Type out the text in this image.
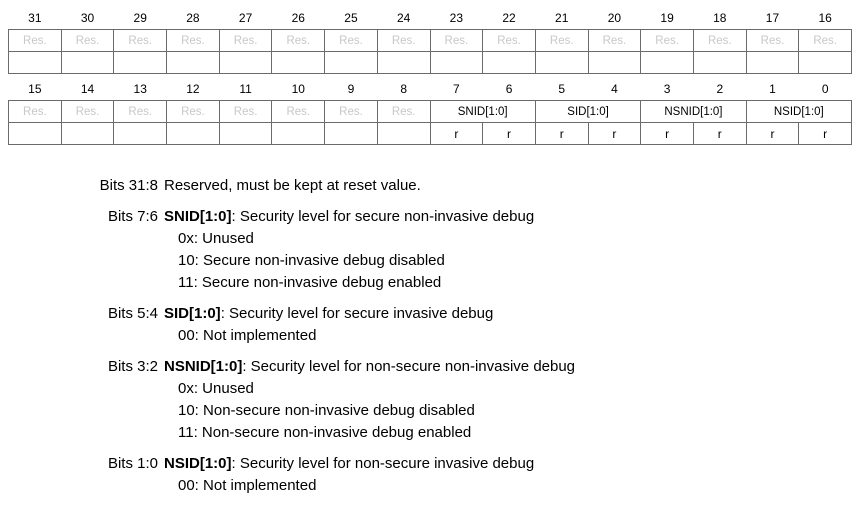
31	30	29	28	27	26	25	24	23	22	21	20	19	18	17	16
Res.	Res.	Res.	Res.	Res.	Res.	Res.	Res.	Res.	Res.	Res.	Res.	Res.	Res.	Res.	Res.

15	14	13	12	11	10	9	8	7	6	5	4	3	2	1	0
Res.	Res.	Res.	Res.	Res.	Res.	Res.	Res.	SNID[1:0]		SID[1:0]		NSNID[1:0]		NSID[1:0]	
								r	r	r	r	r	r	r	r
Bits 31:8 Reserved, must be kept at reset value.
Bits 7:6 SNID[1:0]: Security level for secure non-invasive debug
0x: Unused
10: Secure non-invasive debug disabled
11: Secure non-invasive debug enabled
Bits 5:4 SID[1:0]: Security level for secure invasive debug
00: Not implemented
Bits 3:2 NSNID[1:0]: Security level for non-secure non-invasive debug
0x: Unused
10: Non-secure non-invasive debug disabled
11: Non-secure non-invasive debug enabled
Bits 1:0 NSID[1:0]: Security level for non-secure invasive debug
00: Not implemented
